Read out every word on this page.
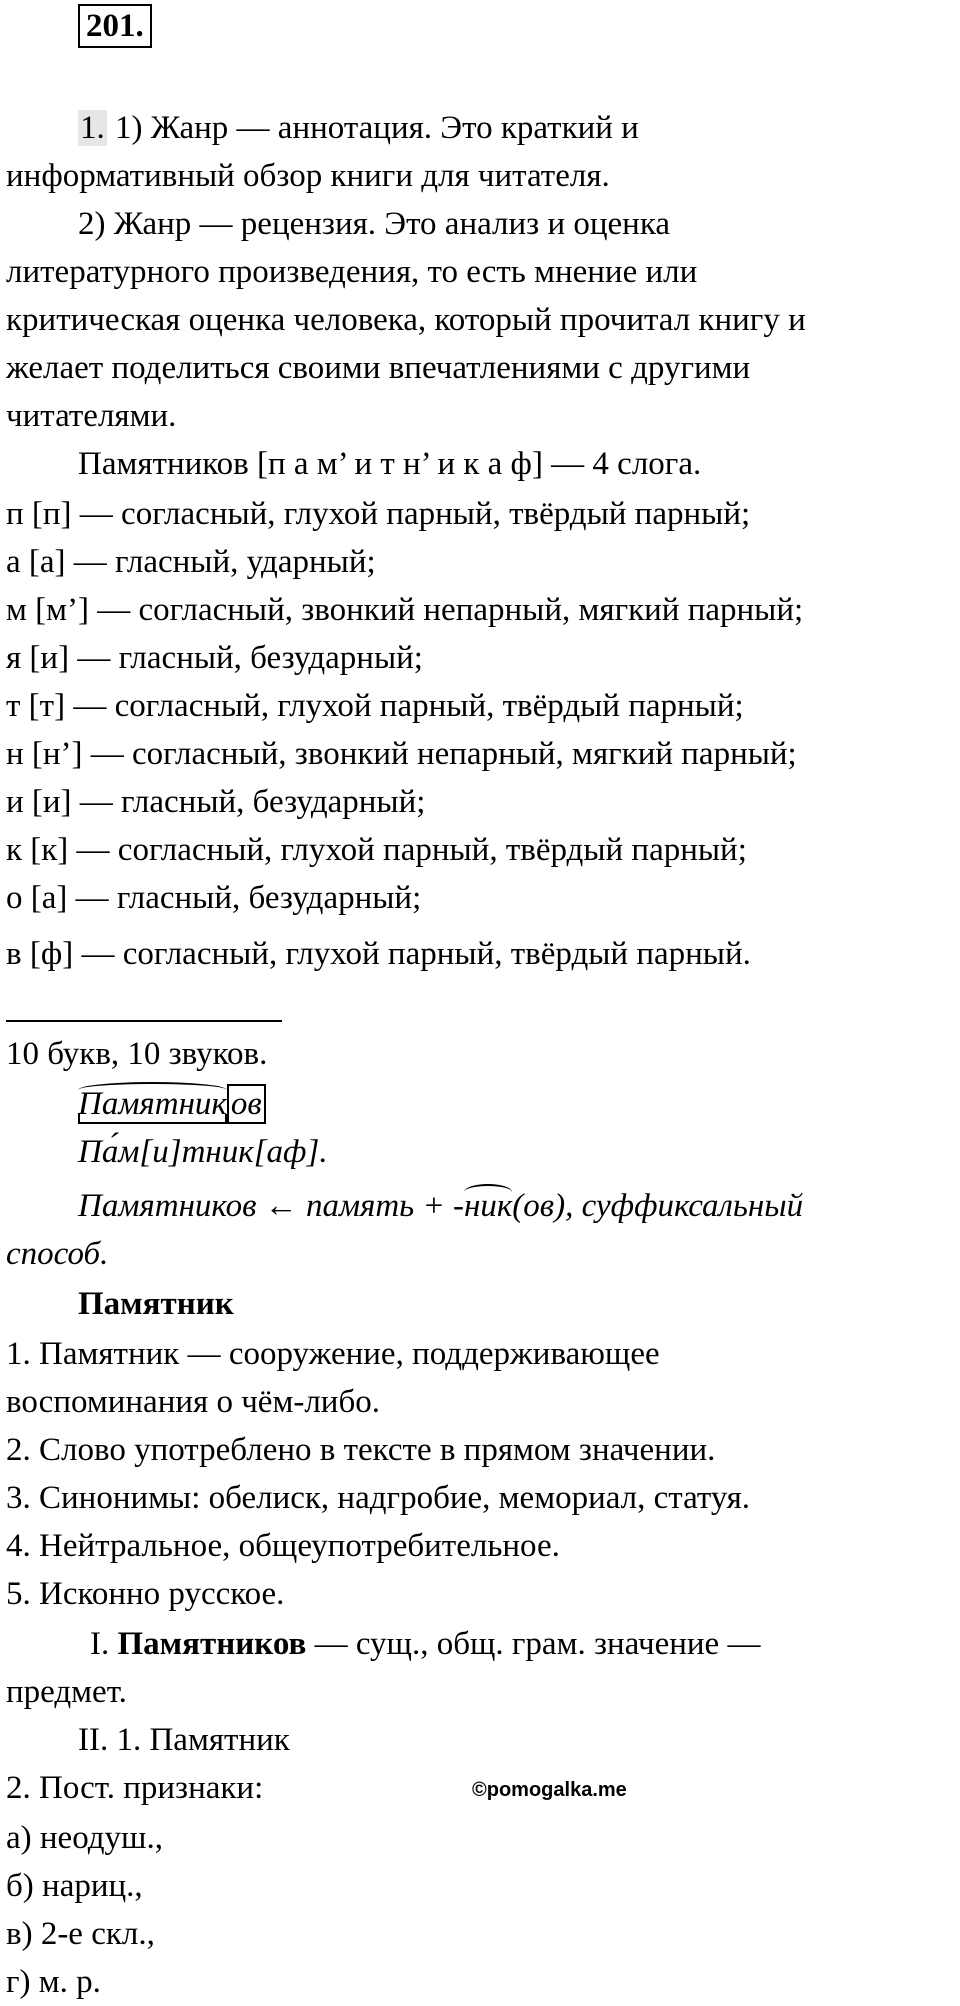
201.
1. 1) Жанр — аннотация. Это краткий и
информативный обзор книги для читателя.
2) Жанр — рецензия. Это анализ и оценка
литературного произведения, то есть мнение или
критическая оценка человека, который прочитал книгу и
желает поделиться своими впечатлениями с другими
читателями.
Памятников [п а м’ и т н’ и к а ф] — 4 слога.
п [п] — согласный, глухой парный, твёрдый парный;
а [а] — гласный, ударный;
м [м’] — согласный, звонкий непарный, мягкий парный;
я [и] — гласный, безударный;
т [т] — согласный, глухой парный, твёрдый парный;
н [н’] — согласный, звонкий непарный, мягкий парный;
и [и] — гласный, безударный;
к [к] — согласный, глухой парный, твёрдый парный;
о [а] — гласный, безударный;
в [ф] — согласный, глухой парный, твёрдый парный.
10 букв, 10 звуков.
Памятник ов
Па́м[и]тник[аф].
Памятников ← память + -ник(ов), суффиксальный
способ.
Памятник
1. Памятник — сооружение, поддерживающее
воспоминания о чём-либо.
2. Слово употреблено в тексте в прямом значении.
3. Синонимы: обелиск, надгробие, мемориал, статуя.
4. Нейтральное, общеупотребительное.
5. Исконно русское.
I. Памятников — сущ., общ. грам. значение —
предмет.
II. 1. Памятник
2. Пост. признаки:
а) неодуш.,
б) нариц.,
в) 2-е скл.,
г) м. р.
©pomogalka.me
